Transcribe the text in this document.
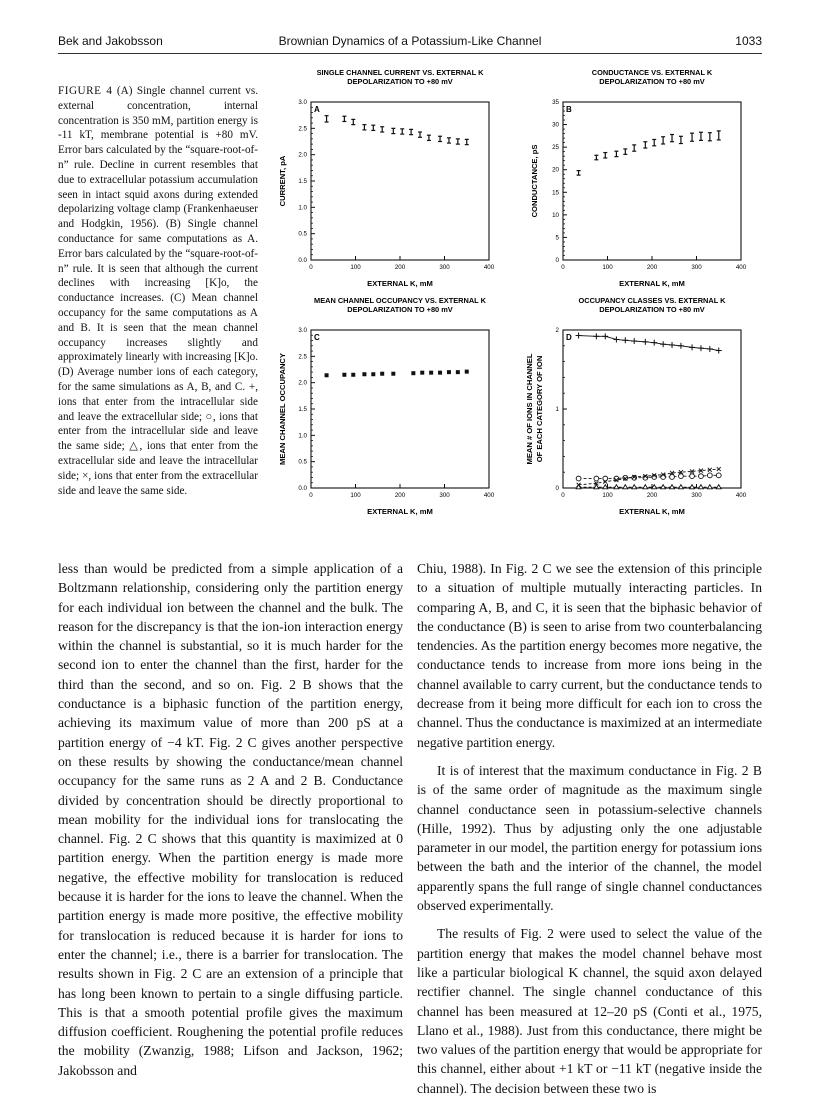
Bek and Jakobsson	Brownian Dynamics of a Potassium-Like Channel	1033
FIGURE 4 (A) Single channel current vs. external concentration, internal concentration is 350 mM, partition energy is -11 kT, membrane potential is +80 mV. Error bars calculated by the “square-root-of-n” rule. Decline in current resembles that due to extracellular potassium accumulation seen in intact squid axons during extended depolarizing voltage clamp (Frankenhaeuser and Hodgkin, 1956). (B) Single channel conductance for same computations as A. Error bars calculated by the “square-root-of-n” rule. It is seen that although the current declines with increasing [K]o, the conductance increases. (C) Mean channel occupancy for the same computations as A and B. It is seen that the mean channel occupancy increases slightly and approximately linearly with increasing [K]o. (D) Average number ions of each category, for the same simulations as A, B, and C. +, ions that enter from the intracellular side and leave the extracellular side; ○, ions that enter from the intracellular side and leave the same side; △, ions that enter from the extracellular side and leave the intracellular side; ×, ions that enter from the extracellular side and leave the same side.
SINGLE CHANNEL CURRENT VS. EXTERNAL K
DEPOLARIZATION TO +80 mV
0	100	200	300	400
0.0
0.5
1.0
1.5
2.0
2.5
3.0
EXTERNAL K, mM
CURRENT, pA
A
CONDUCTANCE VS. EXTERNAL K
DEPOLARIZATION TO +80 mV
0	100	200	300	400
0
5
10
15
20
25
30
35
EXTERNAL K, mM
CONDUCTANCE, pS
B
MEAN CHANNEL OCCUPANCY VS. EXTERNAL K
DEPOLARIZATION TO +80 mV
0	100	200	300	400
0.0
0.5
1.0
1.5
2.0
2.5
3.0
EXTERNAL K, mM
MEAN CHANNEL OCCUPANCY
C
OCCUPANCY CLASSES VS. EXTERNAL K
DEPOLARIZATION TO +80 mV
0	100	200	300	400
0
1
2
EXTERNAL K, mM
MEAN # OF IONS IN CHANNEL OF EACH CATEGORY OF ION
D

less than would be predicted from a simple application of a Boltzmann relationship, considering only the partition energy for each individual ion between the channel and the bulk. The reason for the discrepancy is that the ion-ion interaction energy within the channel is substantial, so it is much harder for the second ion to enter the channel than the first, harder for the third than the second, and so on. Fig. 2 B shows that the conductance is a biphasic function of the partition energy, achieving its maximum value of more than 200 pS at a partition energy of −4 kT. Fig. 2 C gives another perspective on these results by showing the conductance/mean channel occupancy for the same runs as 2 A and 2 B. Conductance divided by concentration should be directly proportional to mean mobility for the individual ions for translocating the channel. Fig. 2 C shows that this quantity is maximized at 0 partition energy. When the partition energy is made more negative, the effective mobility for translocation is reduced because it is harder for the ions to leave the channel. When the partition energy is made more positive, the effective mobility for translocation is reduced because it is harder for ions to enter the channel; i.e., there is a barrier for translocation. The results shown in Fig. 2 C are an extension of a principle that has long been known to pertain to a single diffusing particle. This is that a smooth potential profile gives the maximum diffusion coefficient. Roughening the potential profile reduces the mobility (Zwanzig, 1988; Lifson and Jackson, 1962; Jakobsson and

Chiu, 1988). In Fig. 2 C we see the extension of this principle to a situation of multiple mutually interacting particles. In comparing A, B, and C, it is seen that the biphasic behavior of the conductance (B) is seen to arise from two counterbalancing tendencies. As the partition energy becomes more negative, the conductance tends to increase from more ions being in the channel available to carry current, but the conductance tends to decrease from it being more difficult for each ion to cross the channel. Thus the conductance is maximized at an intermediate negative partition energy.

It is of interest that the maximum conductance in Fig. 2 B is of the same order of magnitude as the maximum single channel conductance seen in potassium-selective channels (Hille, 1992). Thus by adjusting only the one adjustable parameter in our model, the partition energy for potassium ions between the bath and the interior of the channel, the model apparently spans the full range of single channel conductances observed experimentally.

The results of Fig. 2 were used to select the value of the partition energy that makes the model channel behave most like a particular biological K channel, the squid axon delayed rectifier channel. The single channel conductance of this channel has been measured at 12–20 pS (Conti et al., 1975, Llano et al., 1988). Just from this conductance, there might be two values of the partition energy that would be appropriate for this channel, either about +1 kT or −11 kT (negative inside the channel). The decision between these two is
